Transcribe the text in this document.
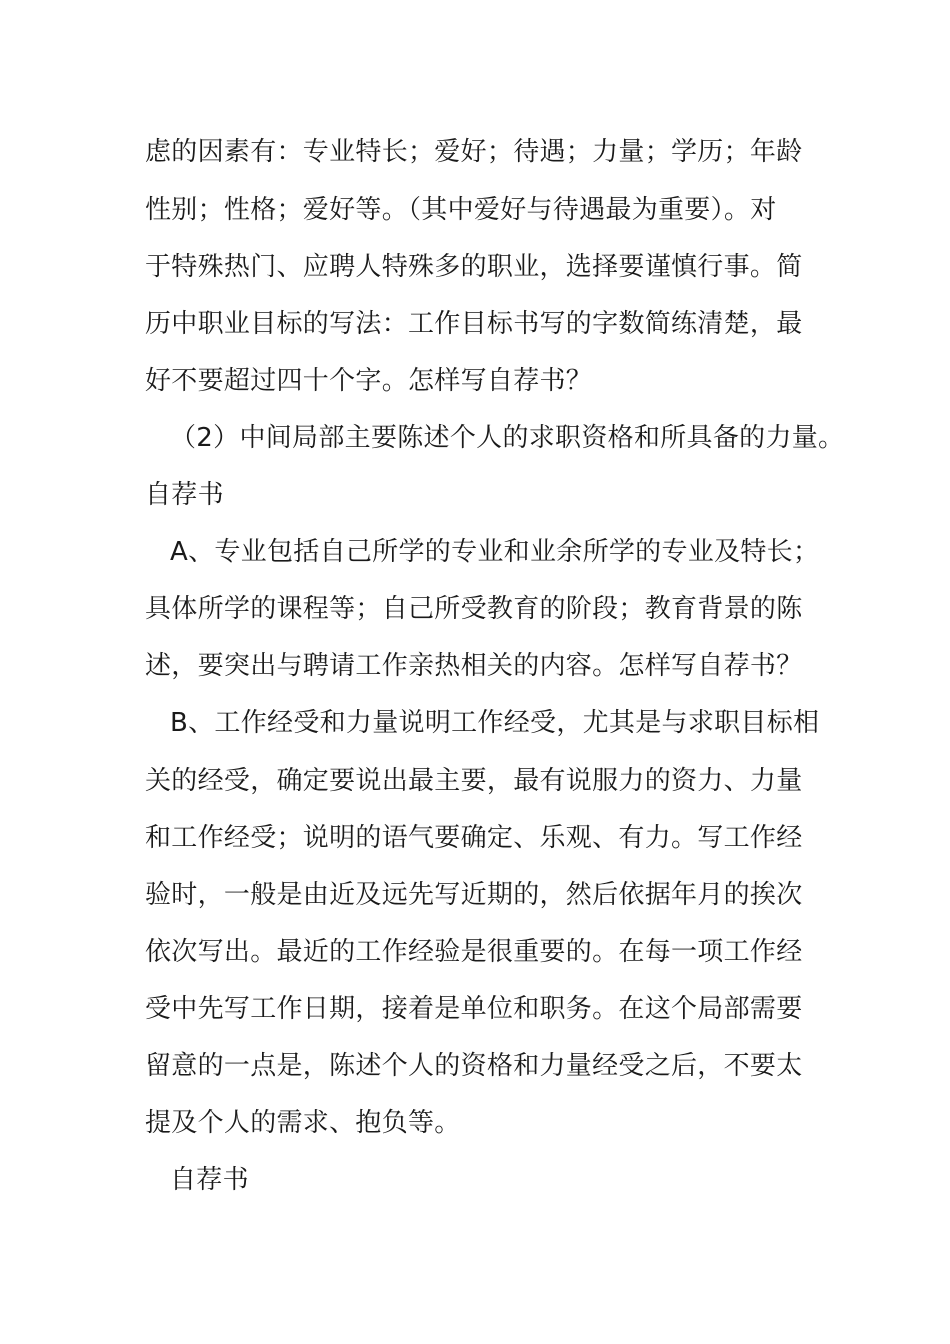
虑的因素有：专业特长；爱好；待遇；力量；学历；年龄
性别；性格；爱好等。（其中爱好与待遇最为重要）。对
于特殊热门、应聘人特殊多的职业，选择要谨慎行事。简
历中职业目标的写法：工作目标书写的字数简练清楚，最
好不要超过四十个字。怎样写自荐书？
（2）中间局部主要陈述个人的求职资格和所具备的力量。
自荐书
A、专业包括自己所学的专业和业余所学的专业及特长；
具体所学的课程等；自己所受教育的阶段；教育背景的陈
述，要突出与聘请工作亲热相关的内容。怎样写自荐书？
B、工作经受和力量说明工作经受，尤其是与求职目标相
关的经受，确定要说出最主要，最有说服力的资力、力量
和工作经受；说明的语气要确定、乐观、有力。写工作经
验时，一般是由近及远先写近期的，然后依据年月的挨次
依次写出。最近的工作经验是很重要的。在每一项工作经
受中先写工作日期，接着是单位和职务。在这个局部需要
留意的一点是，陈述个人的资格和力量经受之后，不要太
提及个人的需求、抱负等。
自荐书
